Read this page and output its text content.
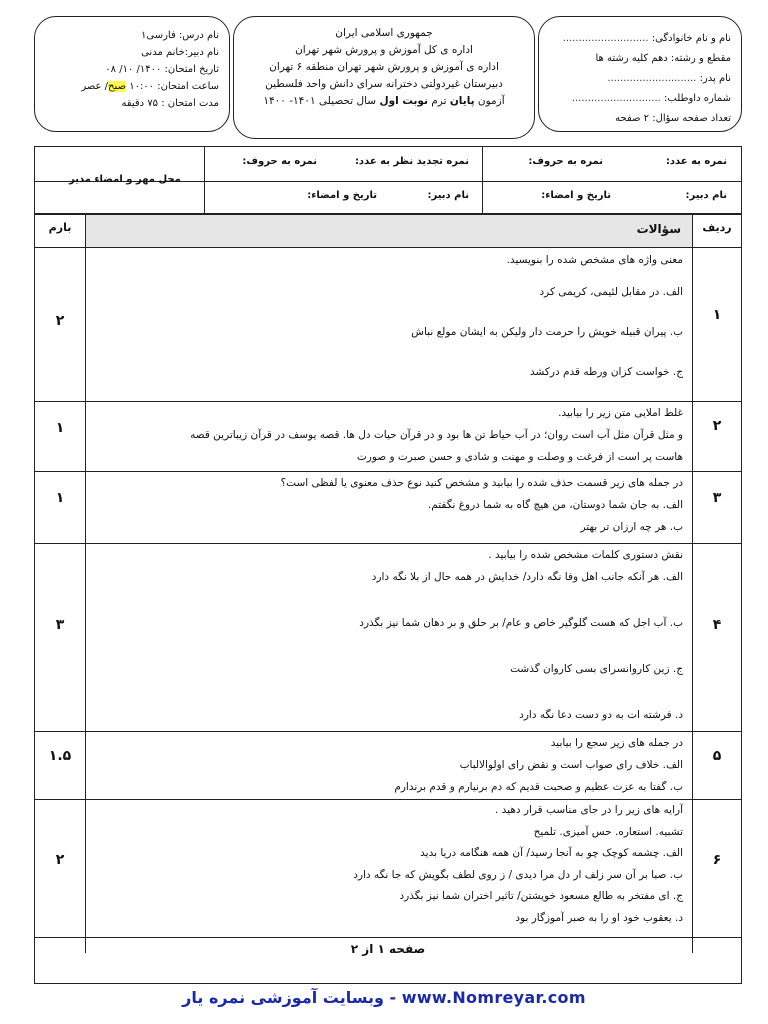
نام و نام خانوادگی: ...........................
مقطع و رشته: دهم کلیه رشته ها
نام پدر: ............................
شماره داوطلب: ............................
تعداد صفحه سؤال: ۲ صفحه
جمهوری اسلامی ایران
اداره ی کل آموزش و پرورش شهر تهران
اداره ی آموزش و پرورش شهر تهران منطقه ۶ تهران
دبیرستان غیردولتی دخترانه سرای دانش واحد فلسطین
آزمون پایان ترم نوبت اول سال تحصیلی ۱۴۰۱- ۱۴۰۰
نام درس: فارسی۱
نام دبیر:خانم مدنی
تاریخ امتحان: ۱۴۰۰/ ۱۰/ ۰۸
ساعت امتحان: ۱۰:۰۰ صبح/ عصر
مدت امتحان : ۷۵ دقیقه
نمره به عدد:
نمره به حروف:
نمره تجدید نظر به عدد:
نمره به حروف:
نام دبیر:
تاریخ و امضاء:
نام دبیر:
تاریخ و امضاء:
محل مهر و امضاء مدیر
ردیف
سؤالات
بارم
۱
۲

معنی واژه های مشخص شده را بنویسید.

الف. در مقابل لئیمی، کریمی کرد

ب. پیران قبیله خویش را حرمت دار ولیکن به ایشان مولع نباش

ج. خواست کزان ورطه قدم درکشد

۲
۱

غلط املایی متن زیر را بیابید.

و مثل قرآن مثل آب است روان؛ در آب حیاط تن ها بود و در قرآن حیات دل ها. قصه یوسف در قرآن زیباترین قصه

هاست پر است از فرغت و وصلت و مهنت و شادی و حسن صبرت و صورت

۳
۱

در جمله های زیر قسمت حذف شده را بیابید و مشخص کنید نوع حذف معنوی یا لفظی است؟

الف. به جان شما دوستان، من هیچ گاه به شما دروغ نگفتم.

ب. هر چه ارزان تر بهتر

۴
۳

نقش دستوری کلمات مشخص شده را بیابید .

الف. هر آنکه جانب اهل وفا نگه دارد/ خدایش در همه حال از بلا نگه دارد

ب. آب اجل که هست گلوگیر خاص و عام/ بر حلق و بر دهان شما نیز بگذرد

ج. زین کاروانسرای بسی کاروان گذشت

د. فرشته ات به دو دست دعا نگه دارد

۵
۱.۵

در جمله های زیر سجع را بیابید

الف. خلاف رای صواب است و نقض رای اولوالالباب

ب. گفتا به عزت عظیم و صحبت قدیم که دم برنیارم و قدم برندارم

۶
۲

آرایه های زیر را در جای مناسب قرار دهید .

تشبیه. استعاره. حس آمیزی. تلمیح

الف. چشمه کوچک چو به آنجا رسید/ آن همه هنگامه دریا بدید

ب. صبا بر آن سر زلف ار دل مرا دیدی / ز روی لطف بگویش که جا نگه دارد

ج. ای مفتخر به طالع مسعود خویشتن/ تاثیر اختران شما نیز بگذرد

د. یعقوب خود او را به صبر آموزگار بود

صفحه ۱ از ۲
وبسایت آموزشی نمره یار - www.Nomreyar.com
